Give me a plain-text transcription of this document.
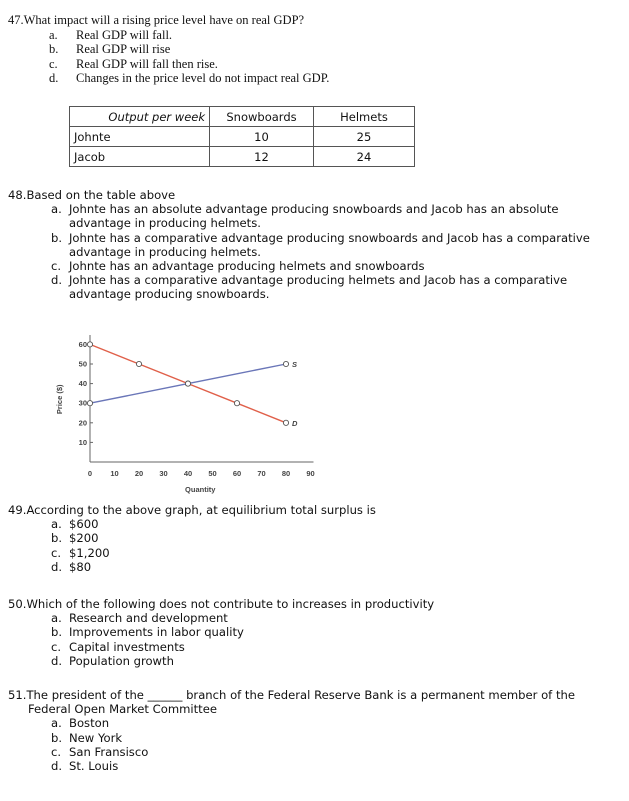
47.What impact will a rising price level have on real GDP?

a. Real GDP will fall.
b. Real GDP will rise
c. Real GDP will fall then rise.
d. Changes in the price level do not impact real GDP.
Output per week	Snowboards	Helmets
Johnte	10	25
Jacob	12	24

48.Based on the table above

a. Johnte has an absolute advantage producing snowboards and Jacob has an absolute advantage in producing helmets.
b. Johnte has a comparative advantage producing snowboards and Jacob has a comparative advantage in producing helmets.
c. Johnte has an advantage producing helmets and snowboards
d. Johnte has a comparative advantage producing helmets and Jacob has a comparative advantage producing snowboards.
10
20
30
40
50
60
0 10 20 30 40 50 60 70 80 90
S
D
Quantity
Price ($)

49.According to the above graph, at equilibrium total surplus is

a. $600
b. $200
c. $1,200
d. $80

50.Which of the following does not contribute to increases in productivity

a. Research and development
b. Improvements in labor quality
c. Capital investments
d. Population growth

51.The president of the ______ branch of the Federal Reserve Bank is a permanent member of the Federal Open Market Committee

a. Boston
b. New York
c. San Fransisco
d. St. Louis
